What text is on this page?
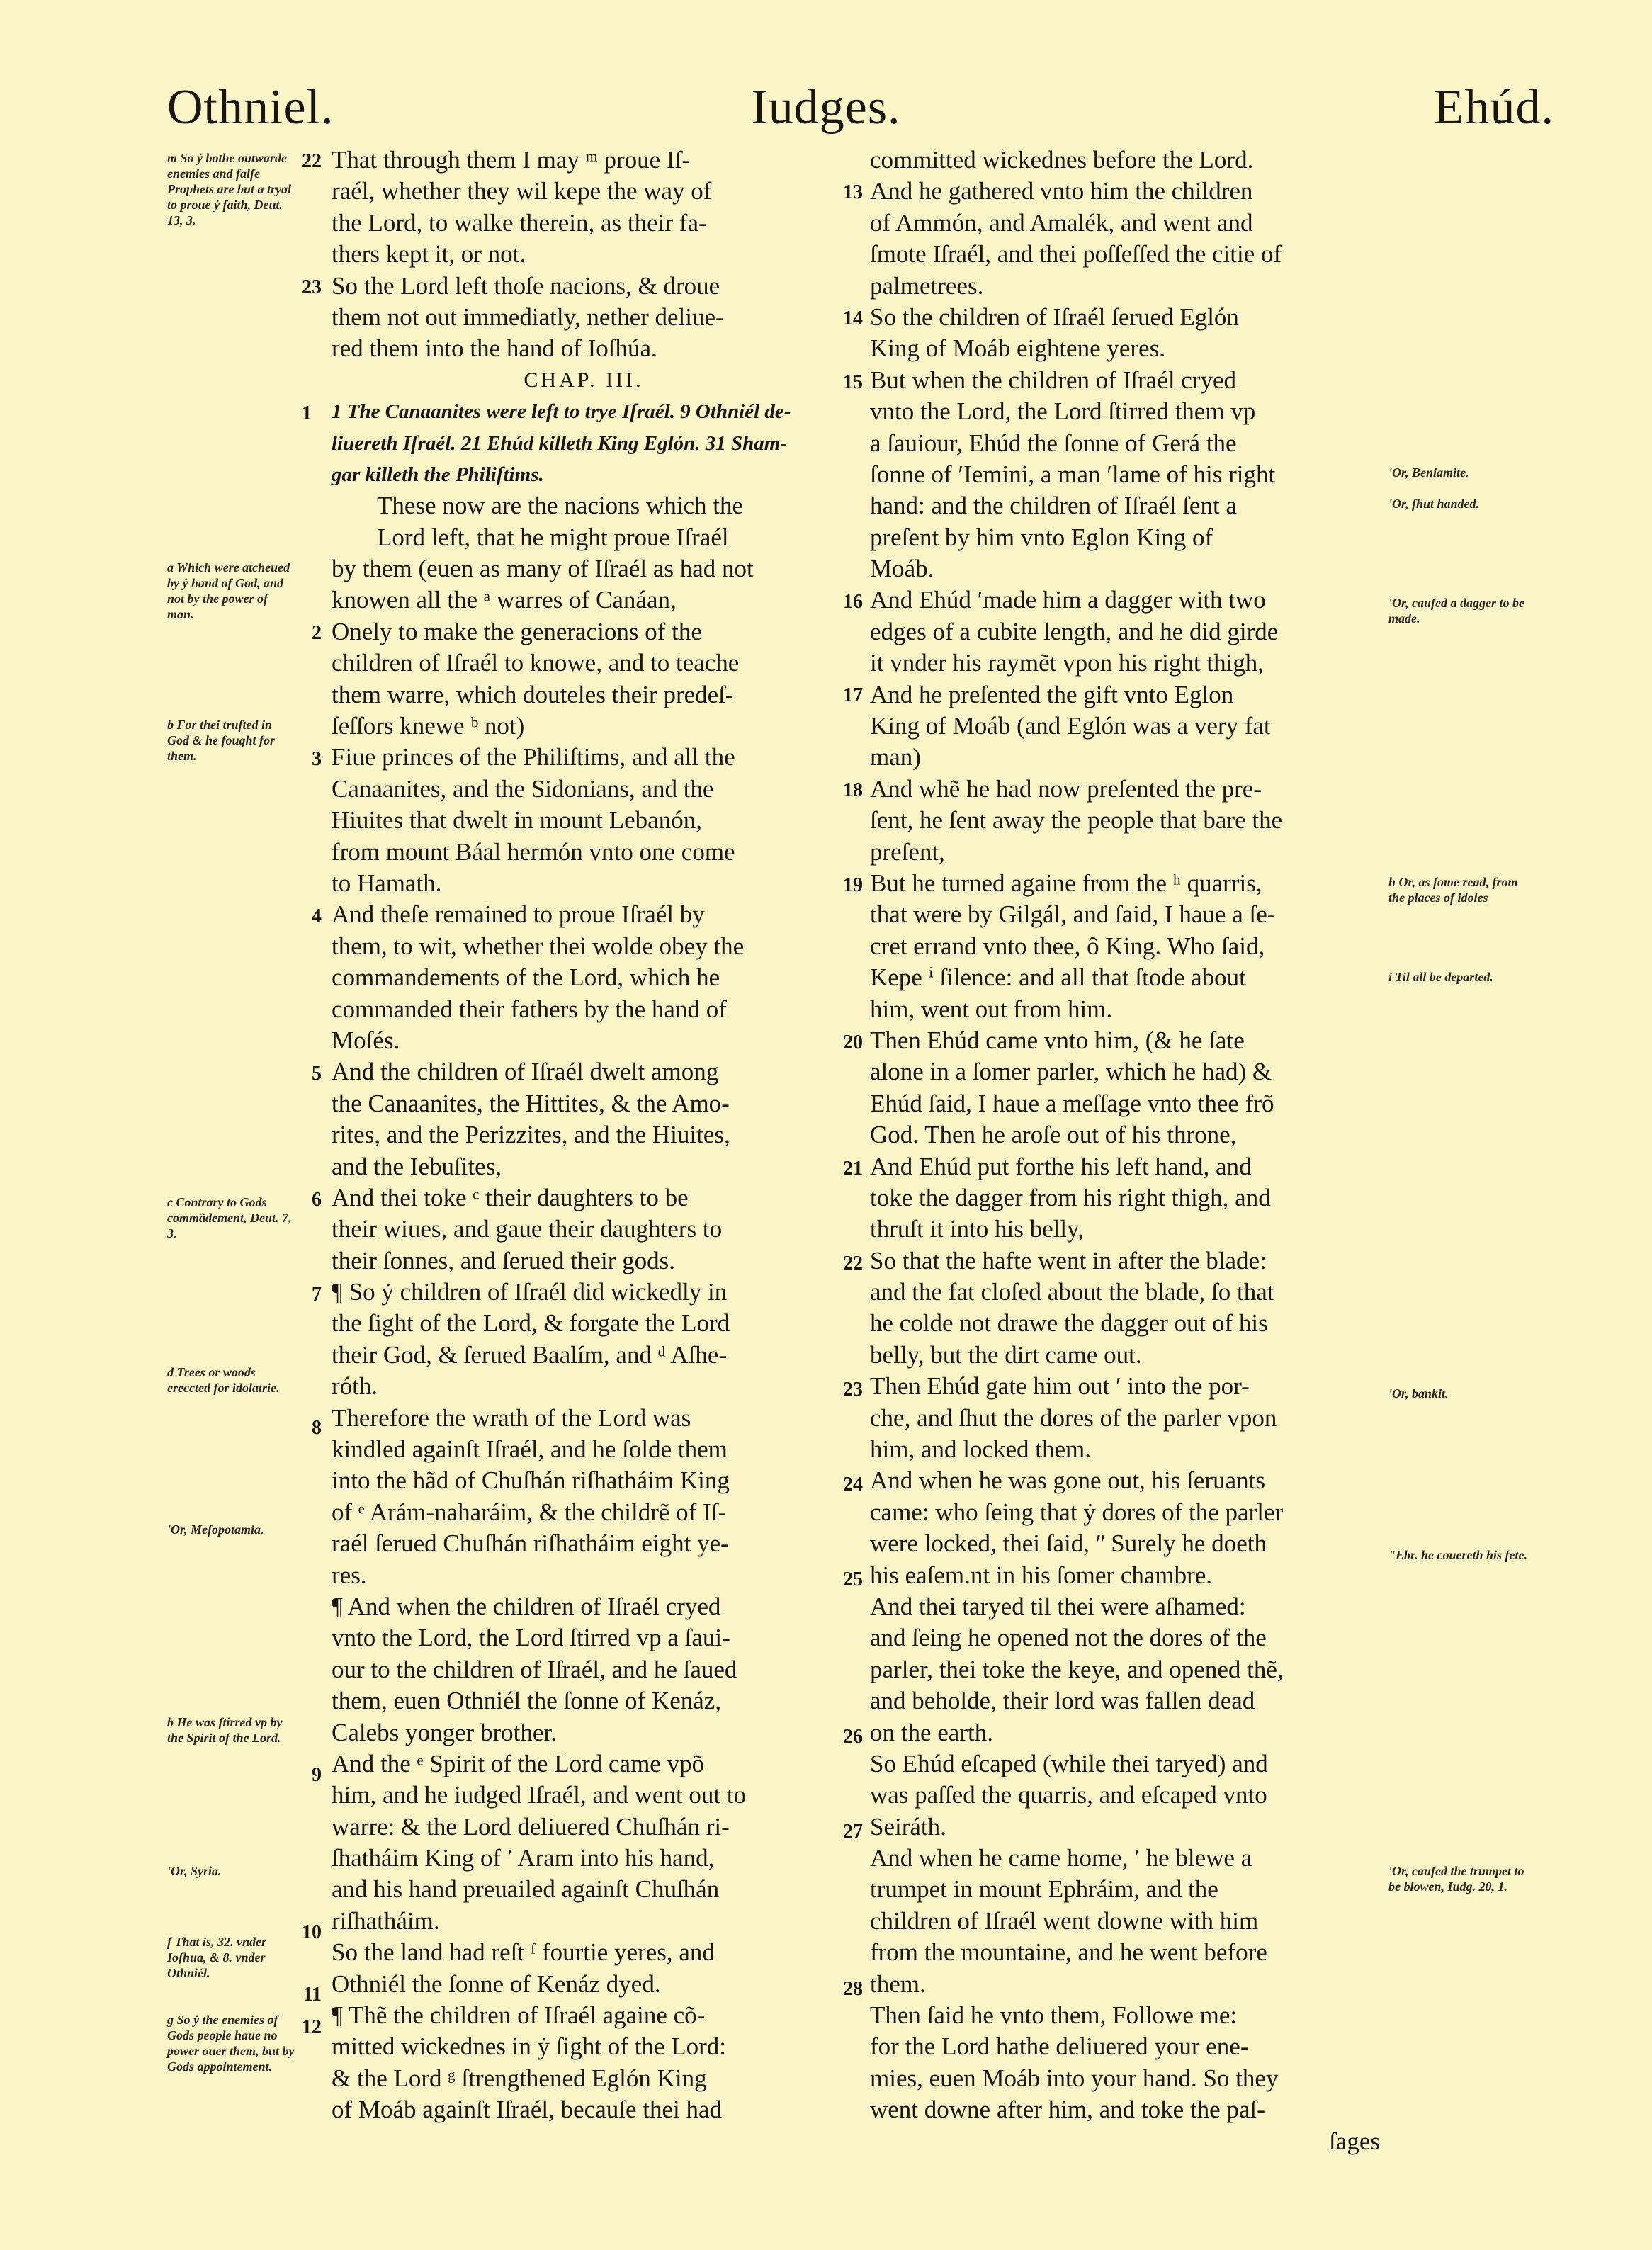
Othniel.	Iudges.	Ehúd.
That through them I may ᵐ proue Iſ-
raél, whether they wil kepe the way of
the Lord, to walke therein, as their fa-
thers kept it, or not.
So the Lord left thoſe nacions, & droue
them not out immediatly, nether deliue-
red them into the hand of Ioſhúa.
CHAP. III.
1 The Canaanites were left to trye Iſraél. 9 Othniél de-
liuereth Iſraél. 21 Ehúd killeth King Eglón. 31 Sham-
gar killeth the Philiſtims.
These now are the nacions which the
Lord left, that he might proue Iſraél
by them (euen as many of Iſraél as had not
knowen all the ᵃ warres of Canáan,
Onely to make the generacions of the
children of Iſraél to knowe, and to teache
them warre, which douteles their predeſ-
ſeſſors knewe ᵇ not)
Fiue princes of the Philiſtims, and all the
Canaanites, and the Sidonians, and the
Hiuites that dwelt in mount Lebanón,
from mount Báal hermón vnto one come
to Hamath.
And theſe remained to proue Iſraél by
them, to wit, whether thei wolde obey the
commandements of the Lord, which he
commanded their fathers by the hand of
Moſés.
And the children of Iſraél dwelt among
the Canaanites, the Hittites, & the Amo-
rites, and the Perizzites, and the Hiuites,
and the Iebuſites,
And thei toke ᶜ their daughters to be
their wiues, and gaue their daughters to
their ſonnes, and ſerued their gods.
¶ So ẏ children of Iſraél did wickedly in
the ſight of the Lord, & forgate the Lord
their God, & ſerued Baalím, and ᵈ Aſhe-
róth.
Therefore the wrath of the Lord was
kindled againſt Iſraél, and he ſolde them
into the hãd of Chuſhán riſhatháim King
of ᵉ Arám-naharáim, & the childrẽ of Iſ-
raél ſerued Chuſhán riſhatháim eight ye-
res.
¶ And when the children of Iſraél cryed
vnto the Lord, the Lord ſtirred vp a ſaui-
our to the children of Iſraél, and he ſaued
them, euen Othniél the ſonne of Kenáz,
Calebs yonger brother.
And the ᵉ Spirit of the Lord came vpõ
him, and he iudged Iſraél, and went out to
warre: & the Lord deliuered Chuſhán ri-
ſhatháim King of ʹ Aram into his hand,
and his hand preuailed againſt Chuſhán
riſhatháim.
So the land had reſt ᶠ fourtie yeres, and
Othniél the ſonne of Kenáz dyed.
¶ Thẽ the children of Iſraél againe cõ-
mitted wickednes in ẏ ſight of the Lord:
& the Lord ᵍ ſtrengthened Eglón King
of Moáb againſt Iſraél, becauſe thei had
22
23
1
2
3
4
5
6
7
8
9
10
11
12
m So ẏ bothe outwarde enemies and falſe Prophets are but a tryal to proue ẏ faith, Deut. 13, 3.
a Which were atcheued by ẏ hand of God, and not by the power of man.
b For thei truſted in God & he fought for them.
c Contrary to Gods commãdement, Deut. 7, 3.
d Trees or woods ereccted for idolatrie.
ʹOr, Meſopotamia.
b He was ſtirred vp by the Spirit of the Lord.
ʹOr, Syria.
f That is, 32. vnder Ioſhua, & 8. vnder Othniél.
g So ẏ the enemies of Gods people haue no power ouer them, but by Gods appointement.
committed wickednes before the Lord.
And he gathered vnto him the children
of Ammón, and Amalék, and went and
ſmote Iſraél, and thei poſſeſſed the citie of
palmetrees.
So the children of Iſraél ſerued Eglón
King of Moáb eightene yeres.
But when the children of Iſraél cryed
vnto the Lord, the Lord ſtirred them vp
a ſauiour, Ehúd the ſonne of Gerá the
ſonne of ʹIemini, a man ʹlame of his right
hand: and the children of Iſraél ſent a
preſent by him vnto Eglon King of
Moáb.
And Ehúd ʹmade him a dagger with two
edges of a cubite length, and he did girde
it vnder his raymẽt vpon his right thigh,
And he preſented the gift vnto Eglon
King of Moáb (and Eglón was a very fat
man)
And whẽ he had now preſented the pre-
ſent, he ſent away the people that bare the
preſent,
But he turned againe from the ʰ quarris,
that were by Gilgál, and ſaid, I haue a ſe-
cret errand vnto thee, ô King. Who ſaid,
Kepe ⁱ ſilence: and all that ſtode about
him, went out from him.
Then Ehúd came vnto him, (& he ſate
alone in a ſomer parler, which he had) &
Ehúd ſaid, I haue a meſſage vnto thee frõ
God. Then he aroſe out of his throne,
And Ehúd put forthe his left hand, and
toke the dagger from his right thigh, and
thruſt it into his belly,
So that the hafte went in after the blade:
and the fat cloſed about the blade, ſo that
he colde not drawe the dagger out of his
belly, but the dirt came out.
Then Ehúd gate him out ʹ into the por-
che, and ſhut the dores of the parler vpon
him, and locked them.
And when he was gone out, his ſeruants
came: who ſeing that ẏ dores of the parler
were locked, thei ſaid, ʺ Surely he doeth
his eaſem.nt in his ſomer chambre.
And thei taryed til thei were aſhamed:
and ſeing he opened not the dores of the
parler, thei toke the keye, and opened thẽ,
and beholde, their lord was fallen dead
on the earth.
So Ehúd eſcaped (while thei taryed) and
was paſſed the quarris, and eſcaped vnto
Seiráth.
And when he came home, ʹ he blewe a
trumpet in mount Ephráim, and the
children of Iſraél went downe with him
from the mountaine, and he went before
them.
Then ſaid he vnto them, Followe me:
for the Lord hathe deliuered your ene-
mies, euen Moáb into your hand. So they
went downe after him, and toke the paſ-
ſages
13
14
15
16
17
18
19
20
21
22
23
24
25
26
27
28
ʹOr, Beniamite.
ʹOr, ſhut handed.
ʹOr, cauſed a dagger to be made.
h Or, as ſome read, from the places of idoles
i Til all be departed.
ʹOr, bankit.
ʺEbr. he couereth his fete.
ʹOr, cauſed the trumpet to be blowen, Iudg. 20, 1.
